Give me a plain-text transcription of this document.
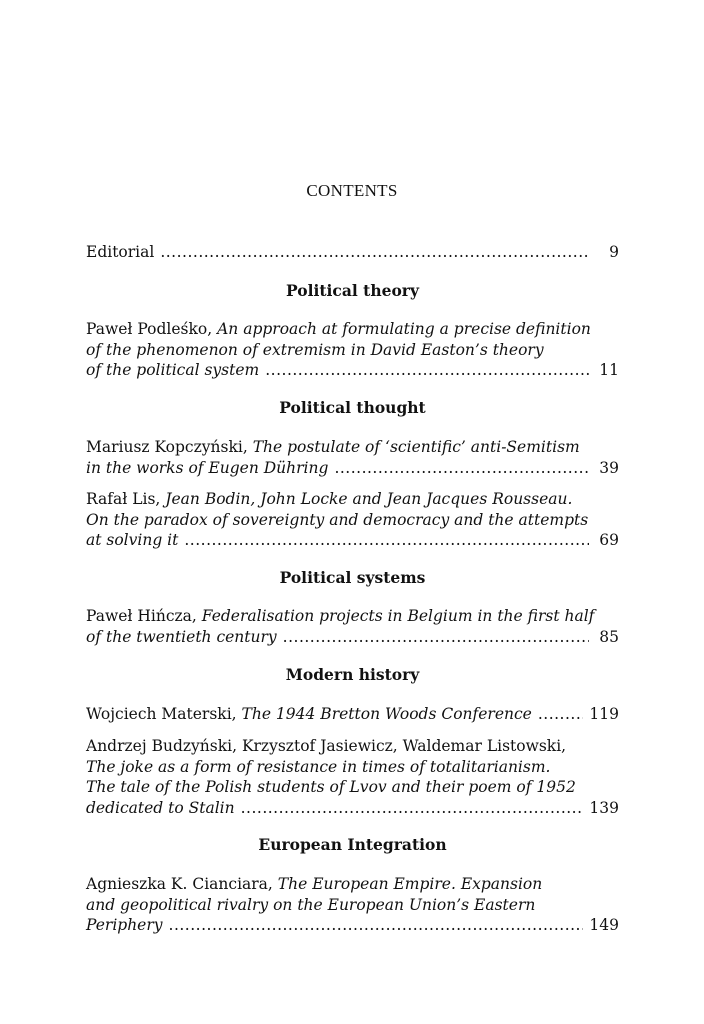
CONTENTS
Editorial .....	9
Political theory
Paweł Podleśko, An approach at formulating a precise definition
of the phenomenon of extremism in David Easton’s theory
of the political system .....	11
Political thought
Mariusz Kopczyński, The postulate of ‘scientific’ anti-Semitism
in the works of Eugen Dühring .....	39
Rafał Lis, Jean Bodin, John Locke and Jean Jacques Rousseau.
On the paradox of sovereignty and democracy and the attempts
at solving it .....	69
Political systems
Paweł Hińcza, Federalisation projects in Belgium in the first half
of the twentieth century .....	85
Modern history
Wojciech Materski, The 1944 Bretton Woods Conference .....	119
Andrzej Budzyński, Krzysztof Jasiewicz, Waldemar Listowski,
The joke as a form of resistance in times of totalitarianism.
The tale of the Polish students of Lvov and their poem of 1952
dedicated to Stalin .....	139
European Integration
Agnieszka K. Cianciara, The European Empire. Expansion
and geopolitical rivalry on the European Union’s Eastern
Periphery .....	149
